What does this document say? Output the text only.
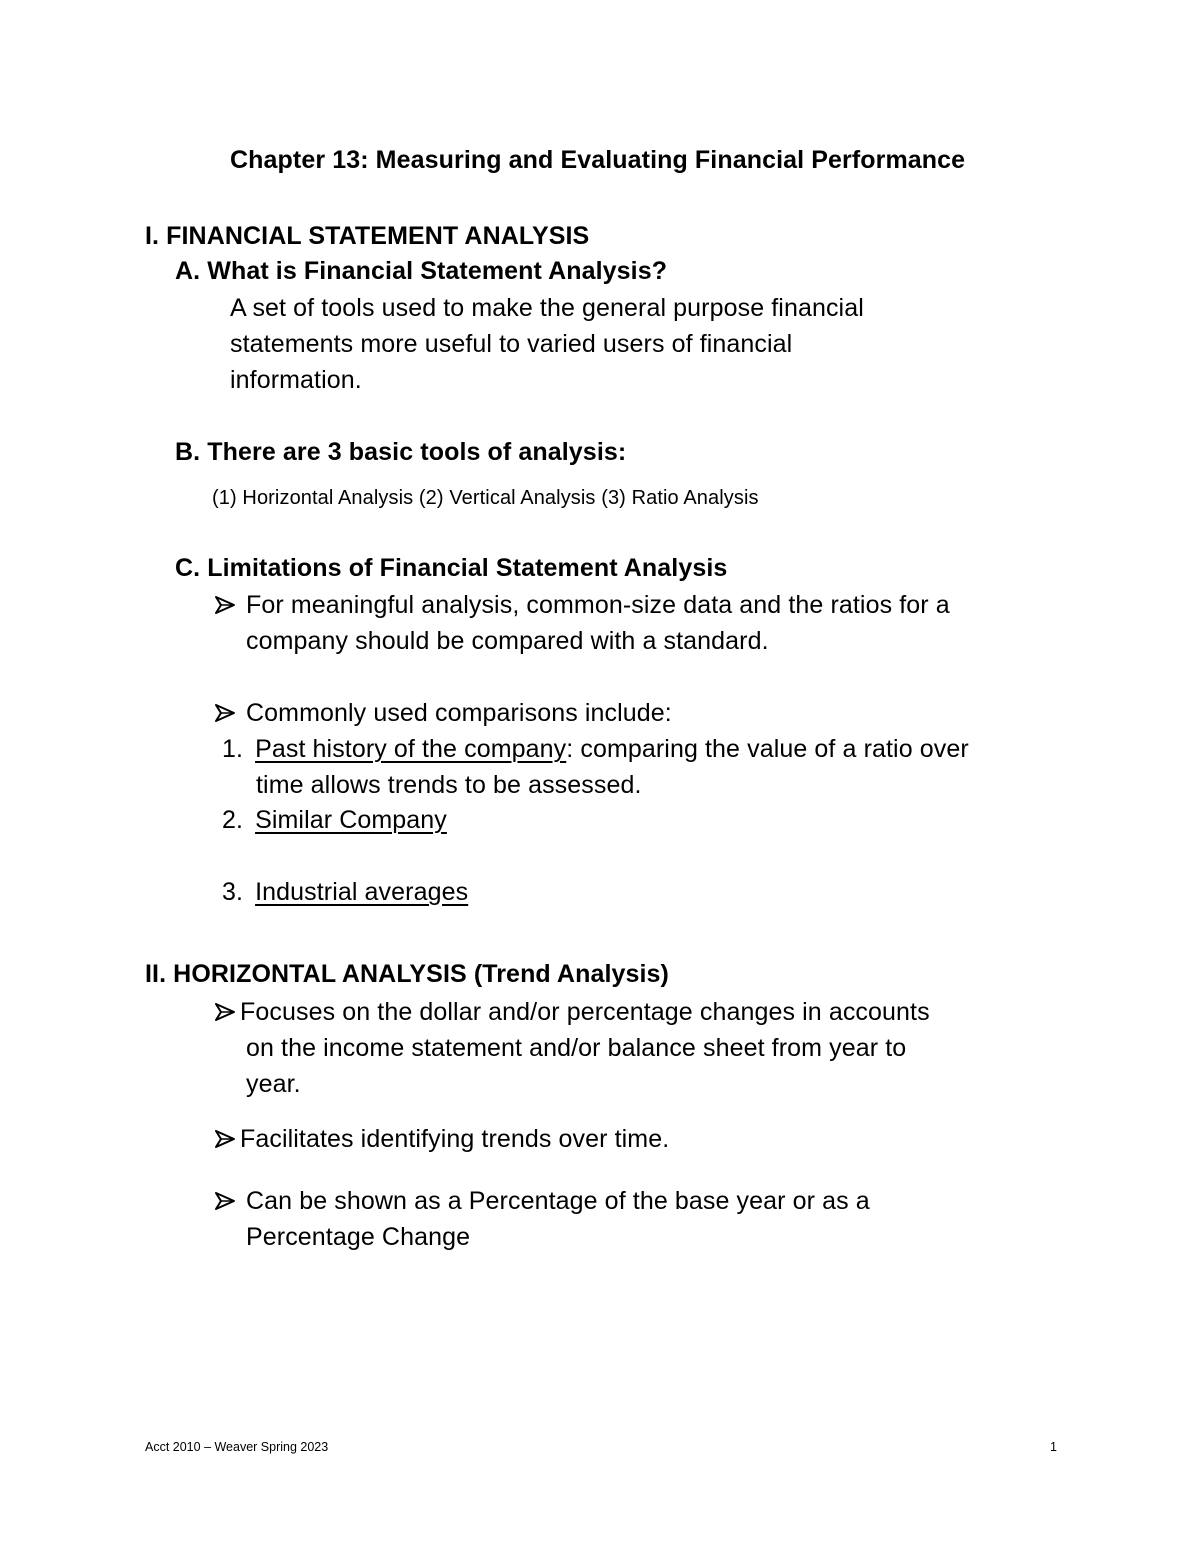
Chapter 13: Measuring and Evaluating Financial Performance
I. FINANCIAL STATEMENT ANALYSIS
A. What is Financial Statement Analysis?
A set of tools used to make the general purpose financial
statements more useful to varied users of financial
information.
B. There are 3 basic tools of analysis:
(1) Horizontal Analysis (2) Vertical Analysis (3) Ratio Analysis
C. Limitations of Financial Statement Analysis
For meaningful analysis, common-size data and the ratios for a
company should be compared with a standard.
Commonly used comparisons include:
1. Past history of the company: comparing the value of a ratio over
time allows trends to be assessed.
2. Similar Company
3. Industrial averages
II. HORIZONTAL ANALYSIS (Trend Analysis)
Focuses on the dollar and/or percentage changes in accounts
on the income statement and/or balance sheet from year to
year.
Facilitates identifying trends over time.
Can be shown as a Percentage of the base year or as a
Percentage Change
Acct 2010 – Weaver Spring 2023	1
